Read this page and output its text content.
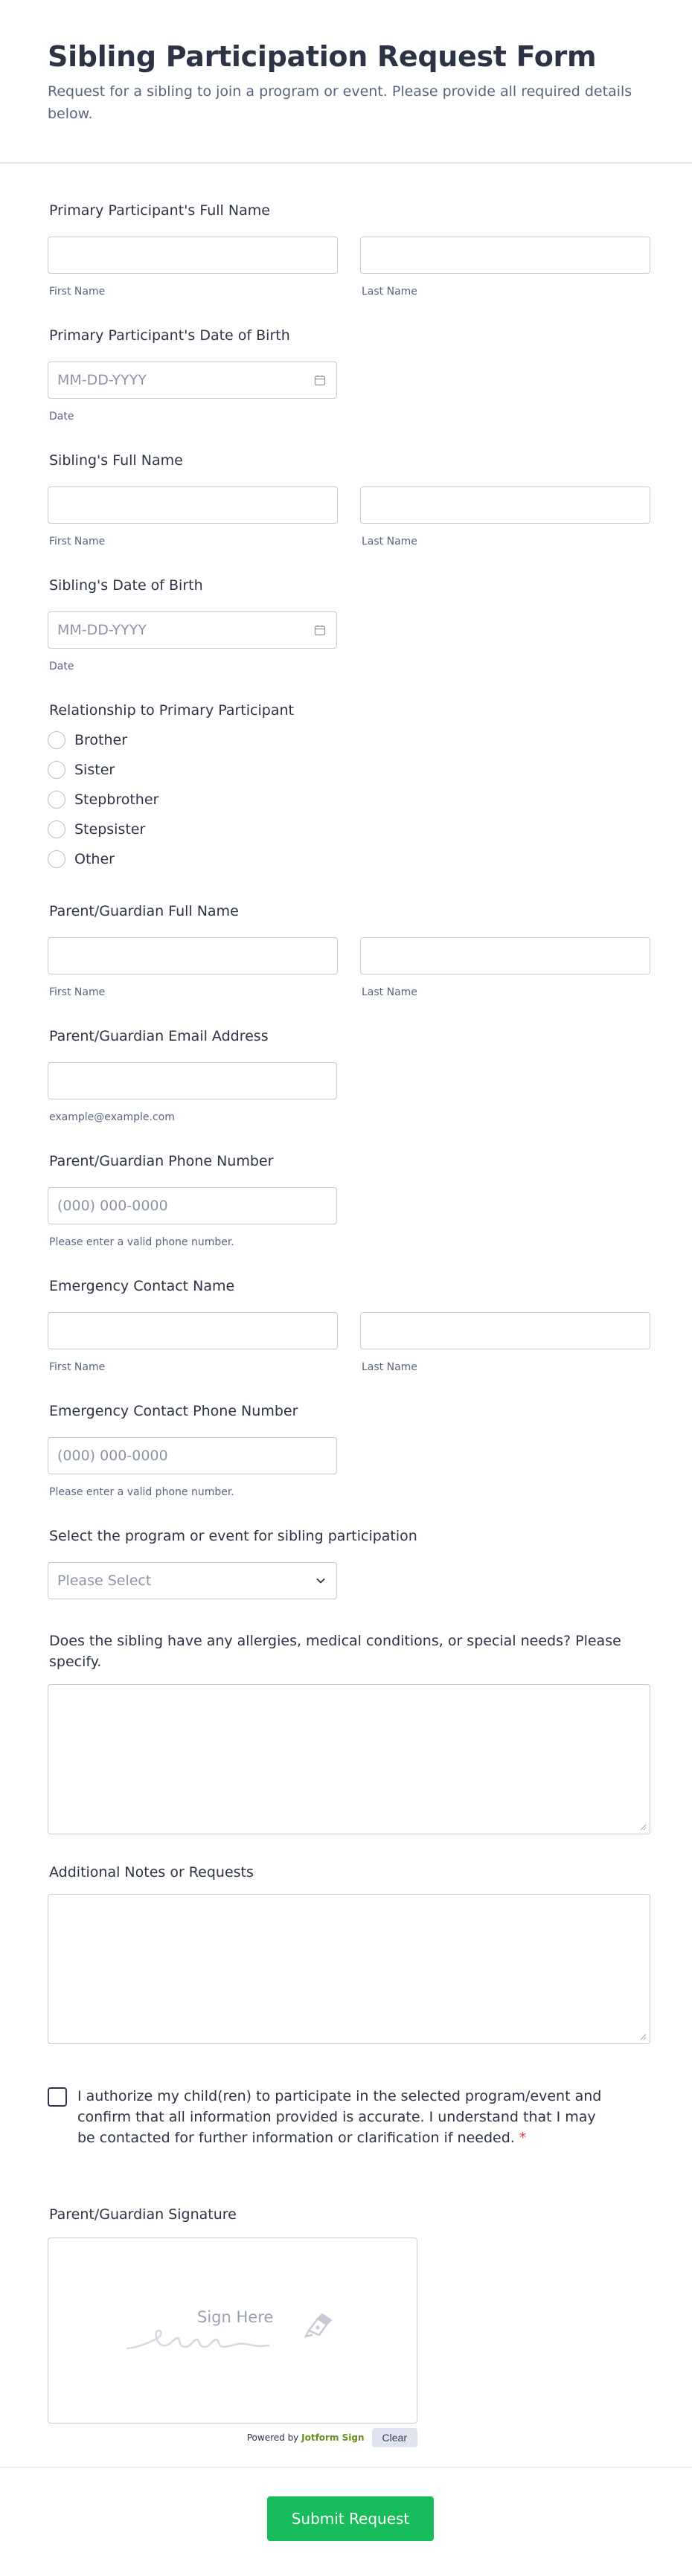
Sibling Participation Request Form

Request for a sibling to join a program or event. Please provide all required details below.

Primary Participant's Full Name
First Name	Last Name
Primary Participant's Date of Birth
MM-DD-YYYY
Date
Sibling's Full Name
First Name	Last Name
Sibling's Date of Birth
MM-DD-YYYY
Date
Relationship to Primary Participant
Brother
Sister
Stepbrother
Stepsister
Other
Parent/Guardian Full Name
First Name	Last Name
Parent/Guardian Email Address
example@example.com
Parent/Guardian Phone Number
(000) 000-0000
Please enter a valid phone number.
Emergency Contact Name
First Name	Last Name
Emergency Contact Phone Number
(000) 000-0000
Please enter a valid phone number.
Select the program or event for sibling participation
Please Select
Does the sibling have any allergies, medical conditions, or special needs? Please specify.
Additional Notes or Requests
I authorize my child(ren) to participate in the selected program/event and confirm that all information provided is accurate. I understand that I may be contacted for further information or clarification if needed. *
Parent/Guardian Signature
Sign Here
Powered by Jotform Sign	Clear
Submit Request
